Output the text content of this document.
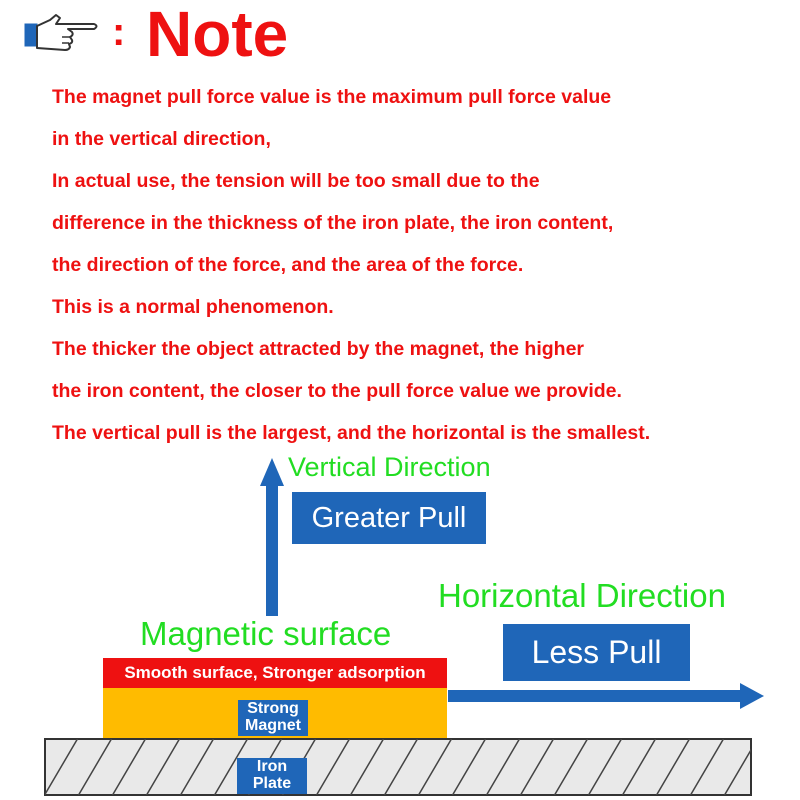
: Note
The magnet pull force value is the maximum pull force value
in the vertical direction,
In actual use, the tension will be too small due to the
difference in the thickness of the iron plate, the iron content,
the direction of the force, and the area of the force.
This is a normal phenomenon.
The thicker the object attracted by the magnet, the higher
the iron content, the closer to the pull force value we provide.
The vertical pull is the largest, and the horizontal is the smallest.
Vertical Direction
Greater Pull
Horizontal Direction
Less Pull
Magnetic surface
Smooth surface, Stronger adsorption
Strong
Magnet
Iron
Plate
